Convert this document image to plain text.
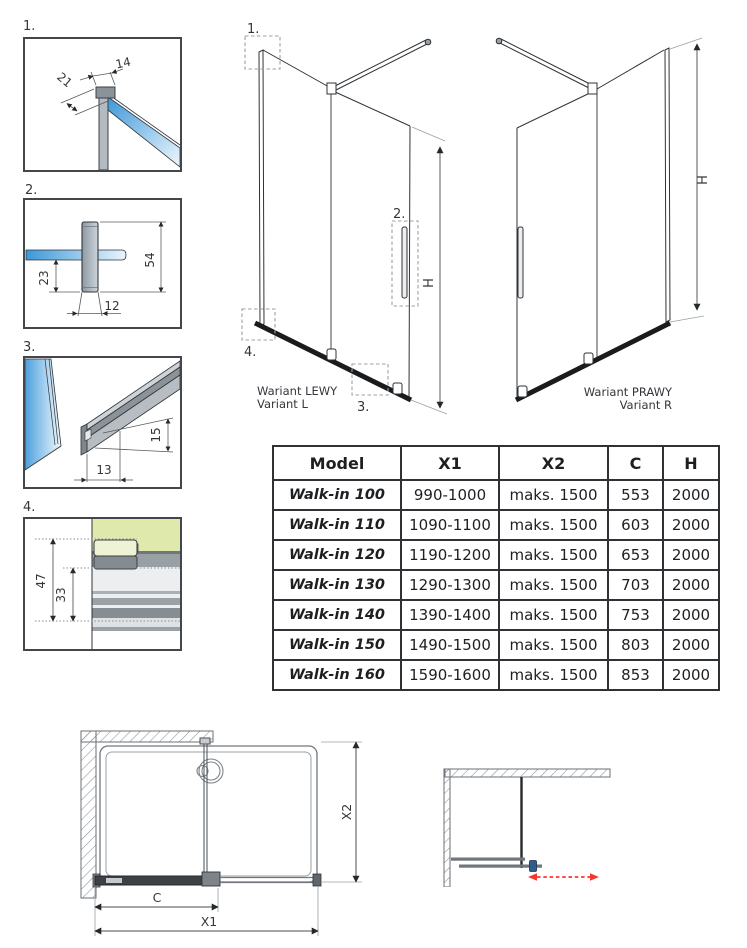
1.
14
21
2.
54
23
12
3.
13
15
4.
47
33
H
1.
2.
3.
4.
Wariant LEWY
Variant L
H
Wariant PRAWY
Variant R
Model	X1	X2	C	H
Walk-in 100	990-1000	maks. 1500	553	2000
Walk-in 110	1090-1100	maks. 1500	603	2000
Walk-in 120	1190-1200	maks. 1500	653	2000
Walk-in 130	1290-1300	maks. 1500	703	2000
Walk-in 140	1390-1400	maks. 1500	753	2000
Walk-in 150	1490-1500	maks. 1500	803	2000
Walk-in 160	1590-1600	maks. 1500	853	2000
C
X1
X2
